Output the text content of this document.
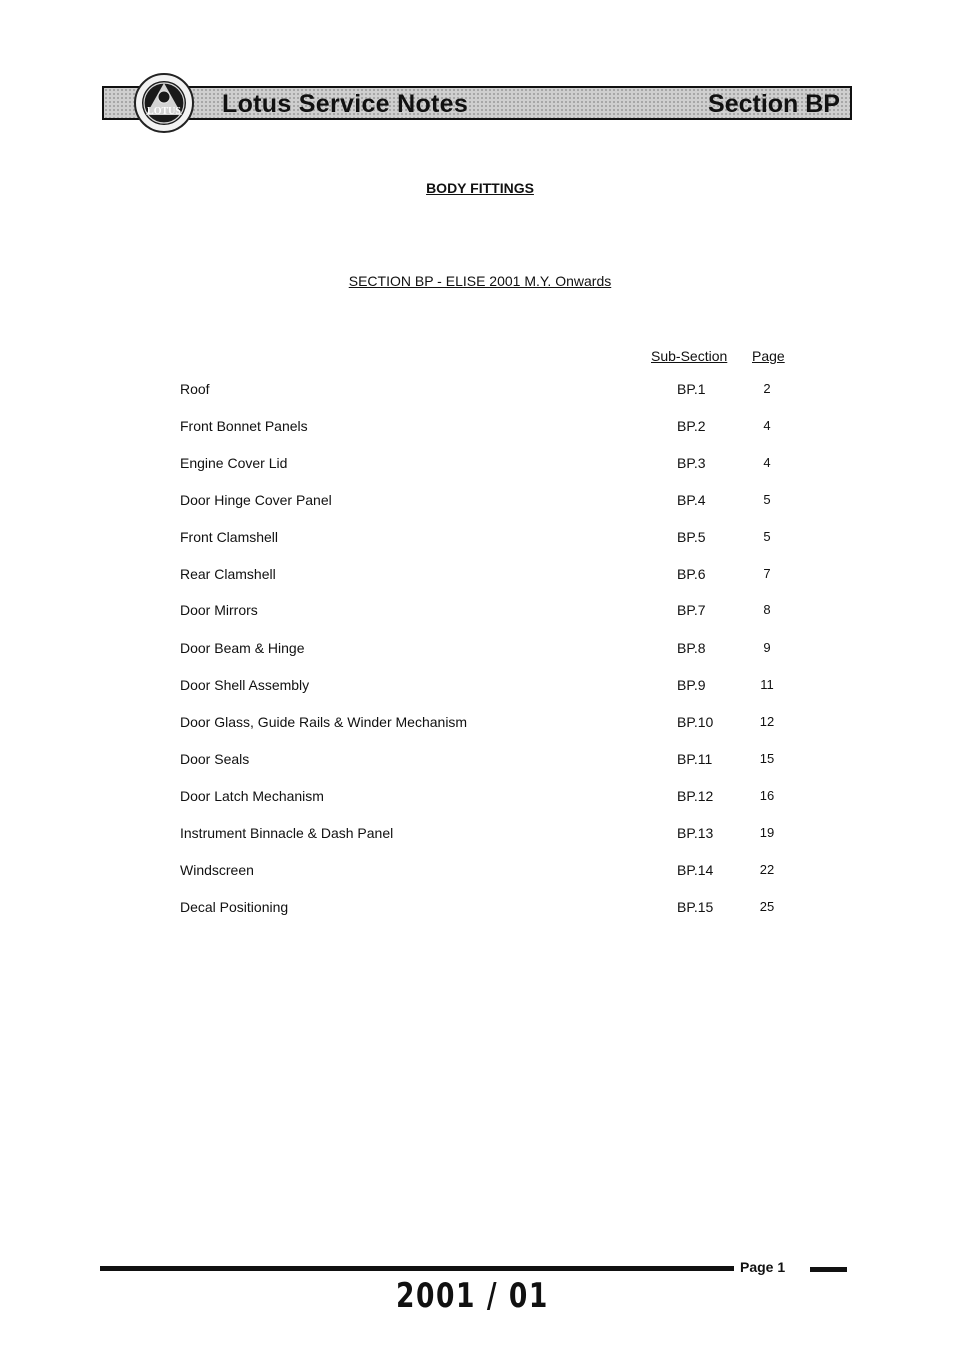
Lotus Service Notes	Section BP
LOTUS
BODY FITTINGS
SECTION BP - ELISE 2001 M.Y. Onwards
Sub-Section Page
Roof	BP.1	2
Front Bonnet Panels	BP.2	4
Engine Cover Lid	BP.3	4
Door Hinge Cover Panel	BP.4	5
Front Clamshell	BP.5	5
Rear Clamshell	BP.6	7
Door Mirrors	BP.7	8
Door Beam & Hinge	BP.8	9
Door Shell Assembly	BP.9	11
Door Glass, Guide Rails & Winder Mechanism	BP.10	12
Door Seals	BP.11	15
Door Latch Mechanism	BP.12	16
Instrument Binnacle & Dash Panel	BP.13	19
Windscreen	BP.14	22
Decal Positioning	BP.15	25
Page 1
2001 / 01
